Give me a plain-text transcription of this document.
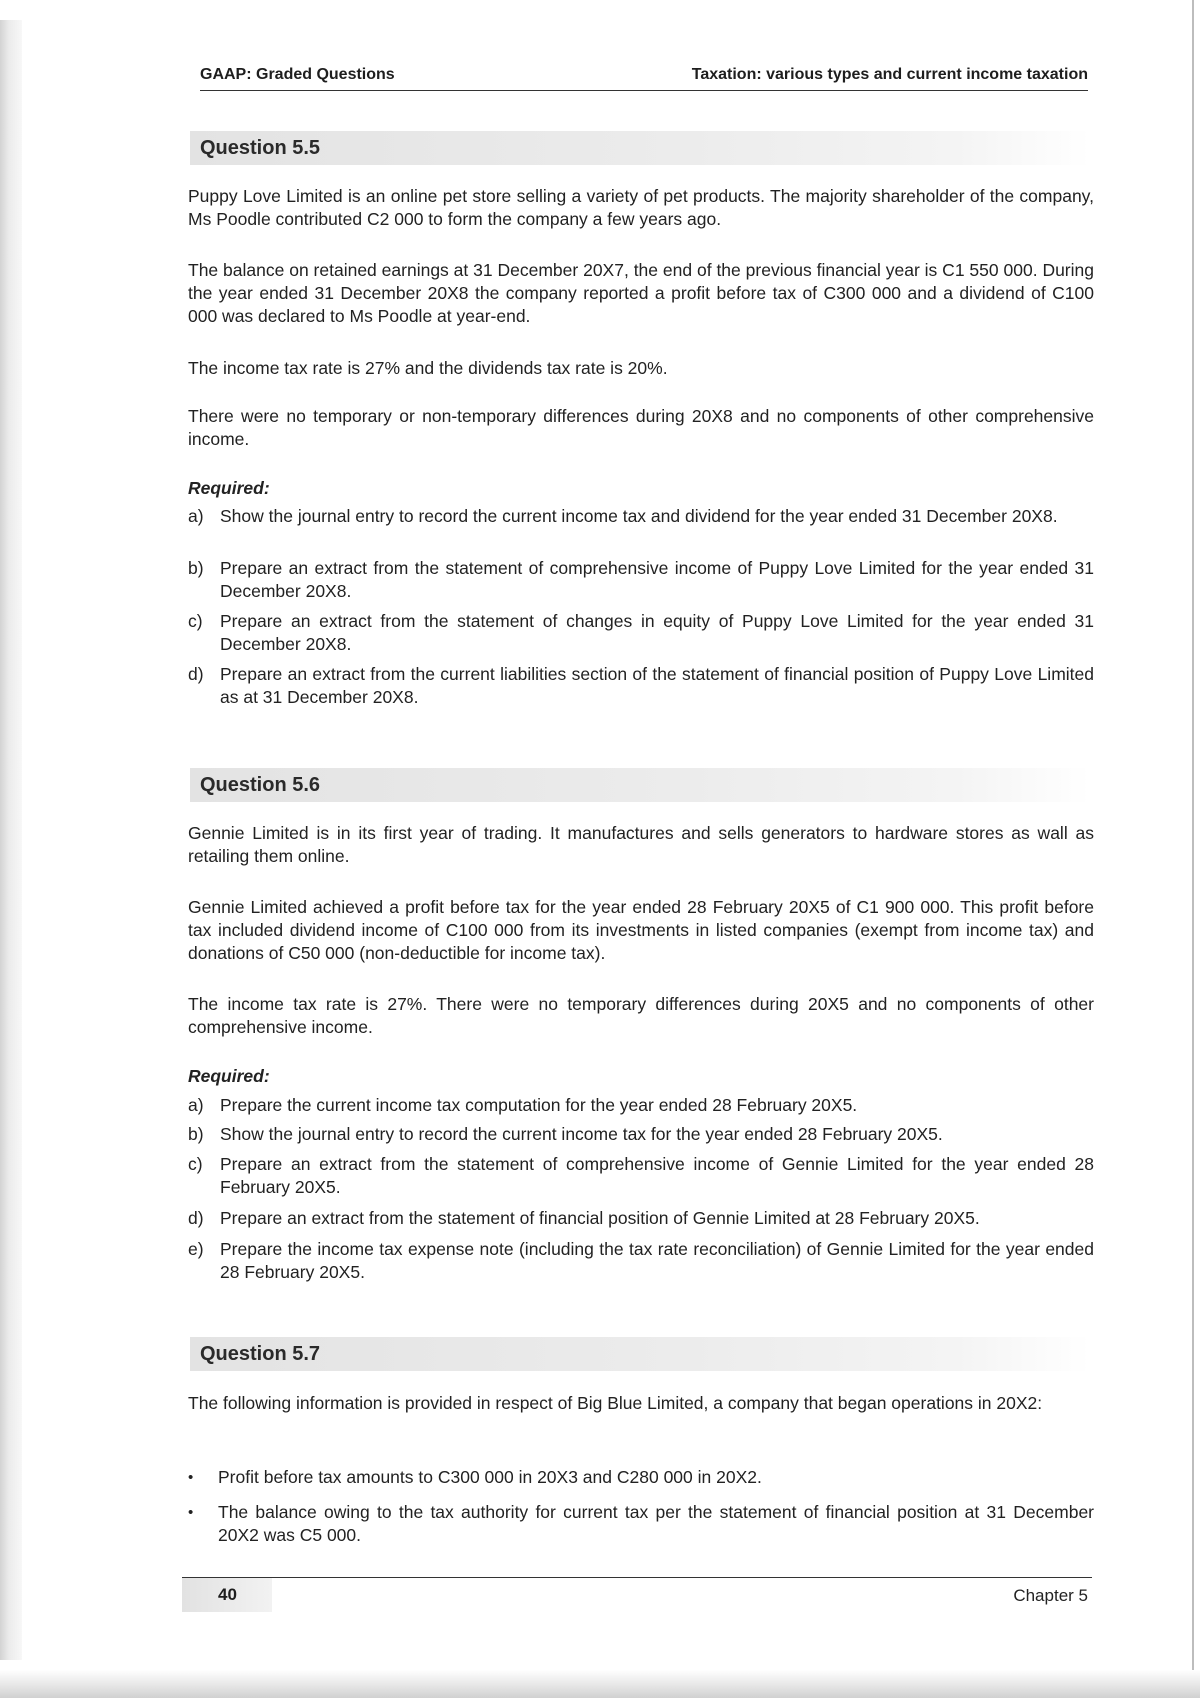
GAAP: Graded Questions	Taxation: various types and current income taxation
Question 5.5

Puppy Love Limited is an online pet store selling a variety of pet products. The majority shareholder of the company, Ms Poodle contributed C2 000 to form the company a few years ago.

The balance on retained earnings at 31 December 20X7, the end of the previous financial year is C1 550 000. During the year ended 31 December 20X8 the company reported a profit before tax of C300 000 and a dividend of C100 000 was declared to Ms Poodle at year-end.

The income tax rate is 27% and the dividends tax rate is 20%.

There were no temporary or non-temporary differences during 20X8 and no components of other comprehensive income.

Required:
a) Show the journal entry to record the current income tax and dividend for the year ended 31 December 20X8.
b) Prepare an extract from the statement of comprehensive income of Puppy Love Limited for the year ended 31 December 20X8.
c) Prepare an extract from the statement of changes in equity of Puppy Love Limited for the year ended 31 December 20X8.
d) Prepare an extract from the current liabilities section of the statement of financial position of Puppy Love Limited as at 31 December 20X8.
Question 5.6

Gennie Limited is in its first year of trading. It manufactures and sells generators to hardware stores as wall as retailing them online.

Gennie Limited achieved a profit before tax for the year ended 28 February 20X5 of C1 900 000. This profit before tax included dividend income of C100 000 from its investments in listed companies (exempt from income tax) and donations of C50 000 (non-deductible for income tax).

The income tax rate is 27%. There were no temporary differences during 20X5 and no components of other comprehensive income.

Required:
a) Prepare the current income tax computation for the year ended 28 February 20X5.
b) Show the journal entry to record the current income tax for the year ended 28 February 20X5.
c) Prepare an extract from the statement of comprehensive income of Gennie Limited for the year ended 28 February 20X5.
d) Prepare an extract from the statement of financial position of Gennie Limited at 28 February 20X5.
e) Prepare the income tax expense note (including the tax rate reconciliation) of Gennie Limited for the year ended 28 February 20X5.
Question 5.7

The following information is provided in respect of Big Blue Limited, a company that began operations in 20X2:

•	Profit before tax amounts to C300 000 in 20X3 and C280 000 in 20X2.
•	The balance owing to the tax authority for current tax per the statement of financial position at 31 December 20X2 was C5 000.
40	Chapter 5
